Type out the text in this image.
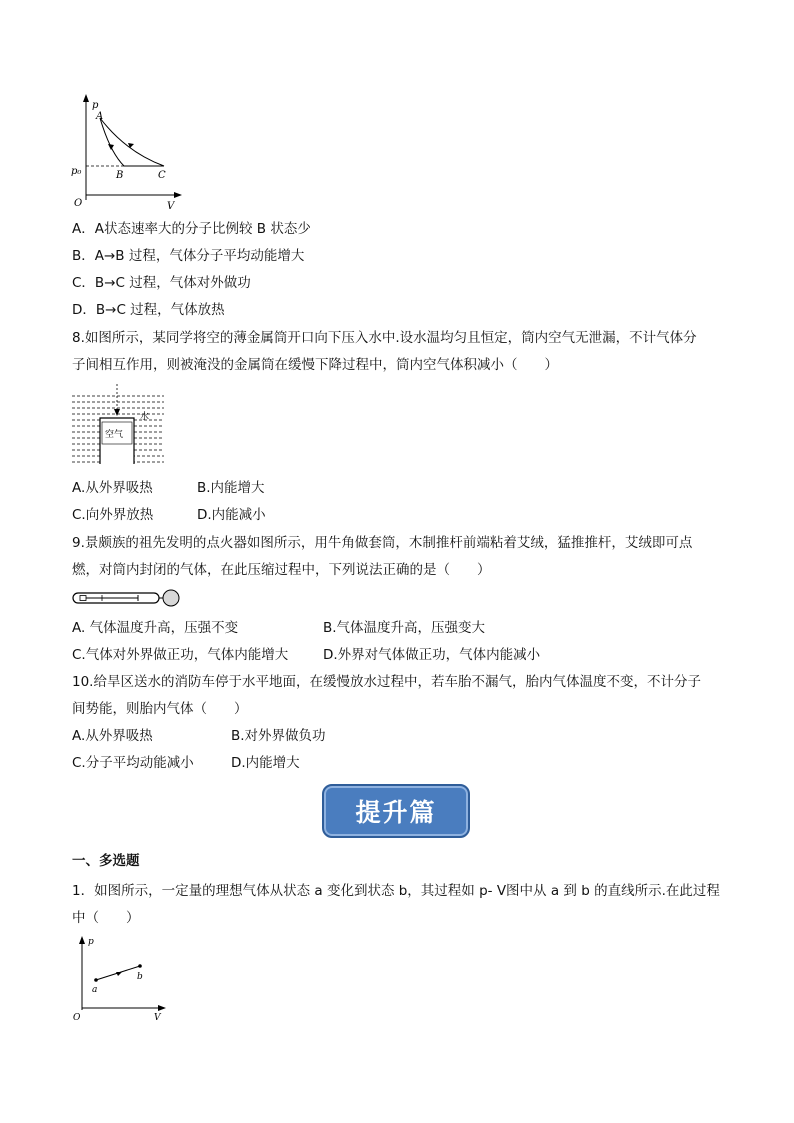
p
A
p₀	B	C
O	V
A．A状态速率大的分子比例较 B 状态少
B．A→B 过程，气体分子平均动能增大
C．B→C 过程，气体对外做功
D．B→C 过程，气体放热
8.如图所示，某同学将空的薄金属筒开口向下压入水中.设水温均匀且恒定，筒内空气无泄漏，不计气体分
子间相互作用，则被淹没的金属筒在缓慢下降过程中，筒内空气体积减小（　　）
水
空气
A.从外界吸热	B.内能增大
C.向外界放热	D.内能减小
9.景颇族的祖先发明的点火器如图所示，用牛角做套筒，木制推杆前端粘着艾绒，猛推推杆，艾绒即可点
燃，对筒内封闭的气体，在此压缩过程中，下列说法正确的是（　　）
A. 气体温度升高，压强不变	B.气体温度升高，压强变大
C.气体对外界做正功，气体内能增大	D.外界对气体做正功，气体内能减小
10.给旱区送水的消防车停于水平地面，在缓慢放水过程中，若车胎不漏气，胎内气体温度不变，不计分子
间势能，则胎内气体（　　）
A.从外界吸热	B.对外界做负功
C.分子平均动能减小	D.内能增大
提升篇
一、多选题
1．如图所示，一定量的理想气体从状态 a 变化到状态 b，其过程如 p- V图中从 a 到 b 的直线所示.在此过程
中（　　）
p
a
b
O	V
